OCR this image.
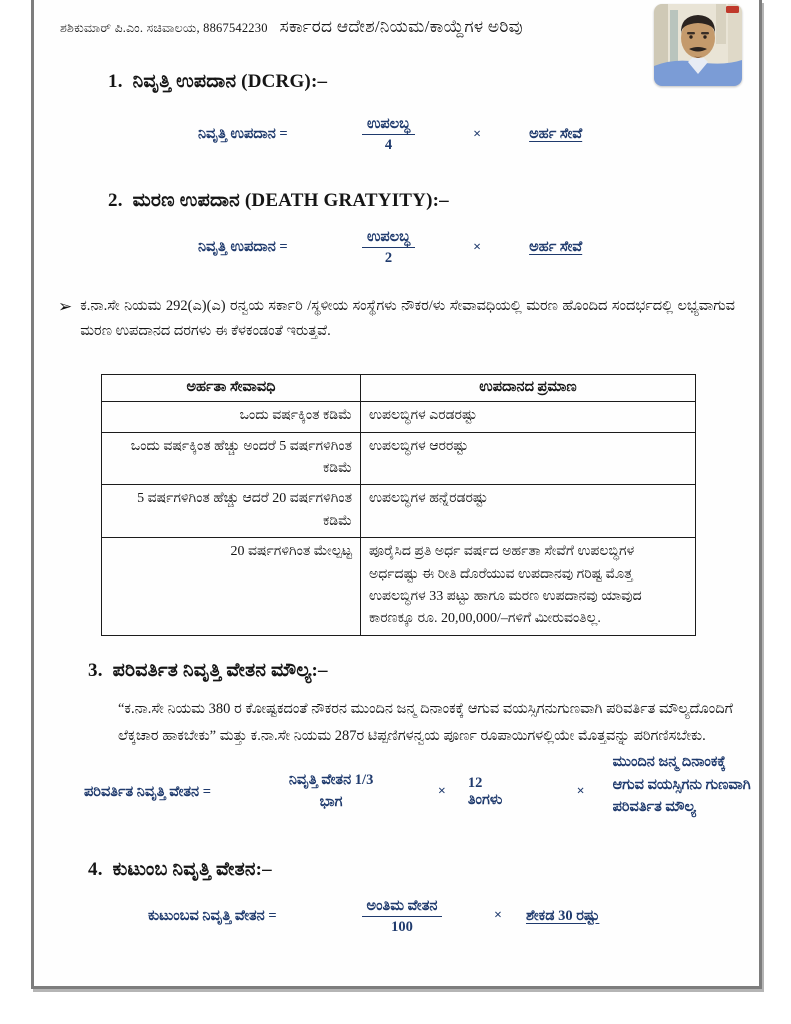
ಶಶಿಕುಮಾರ್ ಪಿ.ಎಂ. ಸಚಿವಾಲಯ, 8867542230 ಸರ್ಕಾರದ ಆದೇಶ/ನಿಯಮ/ಕಾಯ್ದೆಗಳ ಅರಿವು
1. ನಿವೃತ್ತಿ ಉಪದಾನ (DCRG):–
ನಿವೃತ್ತಿ ಉಪದಾನ =	$\frac{\text{ಉಪಲಬ್ಧ}}{4}$	×	ಅರ್ಹ ಸೇವೆ
2. ಮರಣ ಉಪದಾನ (DEATH GRATYITY):–
ನಿವೃತ್ತಿ ಉಪದಾನ =	$\frac{\text{ಉಪಲಬ್ಧ}}{2}$	×	ಅರ್ಹ ಸೇವೆ
➢ ಕ.ನಾ.ಸೇ ನಿಯಮ 292(ಎ)(ಎ) ರನ್ವಯ ಸರ್ಕಾರಿ /ಸ್ಥಳೀಯ ಸಂಸ್ಥೆಗಳು ನೌಕರ/ಳು ಸೇವಾವಧಿಯಲ್ಲಿ ಮರಣ ಹೊಂದಿದ ಸಂದರ್ಭದಲ್ಲಿ ಲಭ್ಯವಾಗುವ ಮರಣ ಉಪದಾನದ ದರಗಳು ಈ ಕೆಳಕಂಡಂತೆ ಇರುತ್ತವೆ.

ಅರ್ಹತಾ ಸೇವಾವಧಿ	ಉಪದಾನದ ಪ್ರಮಾಣ
ಒಂದು ವರ್ಷಕ್ಕಿಂತ ಕಡಿಮೆ	ಉಪಲಬ್ಧಿಗಳ ಎರಡರಷ್ಟು
ಒಂದು ವರ್ಷಕ್ಕಿಂತ ಹೆಚ್ಚು ಅಂದರೆ 5 ವರ್ಷಗಳಿಗಿಂತ ಕಡಿಮೆ	ಉಪಲಬ್ಧಿಗಳ ಆರರಷ್ಟು
5 ವರ್ಷಗಳಿಗಿಂತ ಹೆಚ್ಚು ಆದರೆ 20 ವರ್ಷಗಳಿಗಿಂತ ಕಡಿಮೆ	ಉಪಲಬ್ಧಿಗಳ ಹನ್ನೆರಡರಷ್ಟು
20 ವರ್ಷಗಳಿಗಿಂತ ಮೇಲ್ಪಟ್ಟ	ಪೂರೈಸಿದ ಪ್ರತಿ ಅರ್ಧ ವರ್ಷದ ಅರ್ಹತಾ ಸೇವೆಗೆ ಉಪಲಬ್ಧಿಗಳ ಅರ್ಧದಷ್ಟು ಈ ರೀತಿ ದೊರೆಯುವ ಉಪದಾನವು ಗರಿಷ್ಟ ಮೊತ್ತ ಉಪಲಬ್ಧಿಗಳ 33 ಪಟ್ಟು ಹಾಗೂ ಮರಣ ಉಪದಾನವು ಯಾವುದ ಕಾರಣಕ್ಕೂ ರೂ. 20,00,000/–ಗಳಿಗೆ ಮೀರುವಂತಿಲ್ಲ.
3. ಪರಿವರ್ತಿತ ನಿವೃತ್ತಿ ವೇತನ ಮೌಲ್ಯ:–

“ಕ.ನಾ.ಸೇ ನಿಯಮ 380 ರ ಕೋಷ್ಟಕದಂತೆ ನೌಕರನ ಮುಂದಿನ ಜನ್ಮ ದಿನಾಂಕಕ್ಕೆ ಆಗುವ ವಯಸ್ಸಿಗನುಗುಣವಾಗಿ ಪರಿವರ್ತಿತ ಮೌಲ್ಯದೊಂದಿಗೆ ಲೆಕ್ಕಚಾರ ಹಾಕಬೇಕು” ಮತ್ತು ಕ.ನಾ.ಸೇ ನಿಯಮ 287ರ ಟಿಪ್ಪಣಿಗಳನ್ವಯ ಪೂರ್ಣ ರೂಪಾಯಿಗಳಲ್ಲಿಯೇ ಮೊತ್ತವನ್ನು ಪರಿಗಣಿಸಬೇಕು.

ಪರಿವರ್ತಿತ ನಿವೃತ್ತಿ ವೇತನ =
ನಿವೃತ್ತಿ ವೇತನ 1/3
ಭಾಗ
×
12 ತಿಂಗಳು
×
ಮುಂದಿನ ಜನ್ಮ ದಿನಾಂಕಕ್ಕೆ ಆಗುವ ವಯಸ್ಸಿಗನು ಗುಣವಾಗಿ ಪರಿವರ್ತಿತ ಮೌಲ್ಯ
4. ಕುಟುಂಬ ನಿವೃತ್ತಿ ವೇತನ:–
ಕುಟುಂಬವ ನಿವೃತ್ತಿ ವೇತನ =	$\frac{\text{ಅಂತಿಮ ವೇತನ}}{100}$	× ಶೇಕಡ 30 ರಷ್ಟು
